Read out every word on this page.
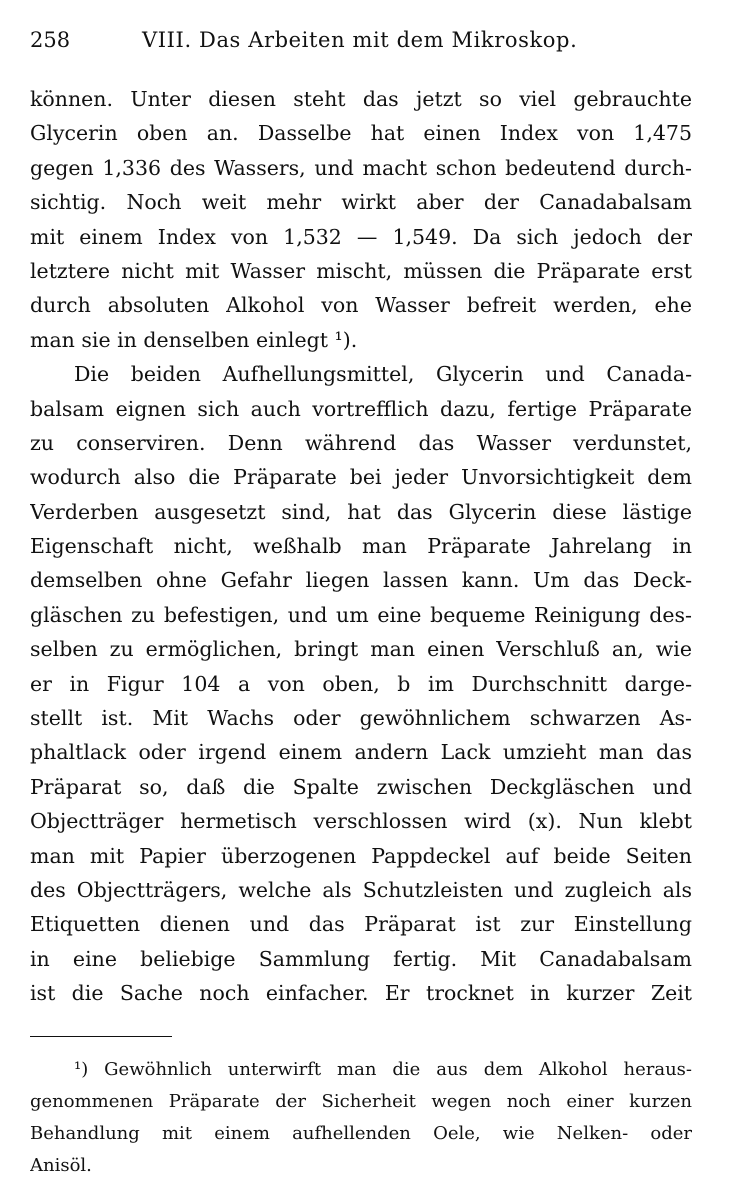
258	VIII. Das Arbeiten mit dem Mikroskop.
können. Unter diesen steht das jetzt so viel gebrauchte
Glycerin oben an. Dasselbe hat einen Index von 1,475
gegen 1,336 des Wassers, und macht schon bedeutend durch-
sichtig. Noch weit mehr wirkt aber der Canadabalsam
mit einem Index von 1,532 — 1,549. Da sich jedoch der
letztere nicht mit Wasser mischt, müssen die Präparate erst
durch absoluten Alkohol von Wasser befreit werden, ehe
man sie in denselben einlegt ¹).
Die beiden Aufhellungsmittel, Glycerin und Canada-
balsam eignen sich auch vortrefflich dazu, fertige Präparate
zu conserviren. Denn während das Wasser verdunstet,
wodurch also die Präparate bei jeder Unvorsichtigkeit dem
Verderben ausgesetzt sind, hat das Glycerin diese lästige
Eigenschaft nicht, weßhalb man Präparate Jahrelang in
demselben ohne Gefahr liegen lassen kann. Um das Deck-
gläschen zu befestigen, und um eine bequeme Reinigung des-
selben zu ermöglichen, bringt man einen Verschluß an, wie
er in Figur 104 a von oben, b im Durchschnitt darge-
stellt ist. Mit Wachs oder gewöhnlichem schwarzen As-
phaltlack oder irgend einem andern Lack umzieht man das
Präparat so, daß die Spalte zwischen Deckgläschen und
Objectträger hermetisch verschlossen wird (x). Nun klebt
man mit Papier überzogenen Pappdeckel auf beide Seiten
des Objectträgers, welche als Schutzleisten und zugleich als
Etiquetten dienen und das Präparat ist zur Einstellung
in eine beliebige Sammlung fertig. Mit Canadabalsam
ist die Sache noch einfacher. Er trocknet in kurzer Zeit
¹) Gewöhnlich unterwirft man die aus dem Alkohol heraus-
genommenen Präparate der Sicherheit wegen noch einer kurzen
Behandlung mit einem aufhellenden Oele, wie Nelken- oder
Anisöl.
